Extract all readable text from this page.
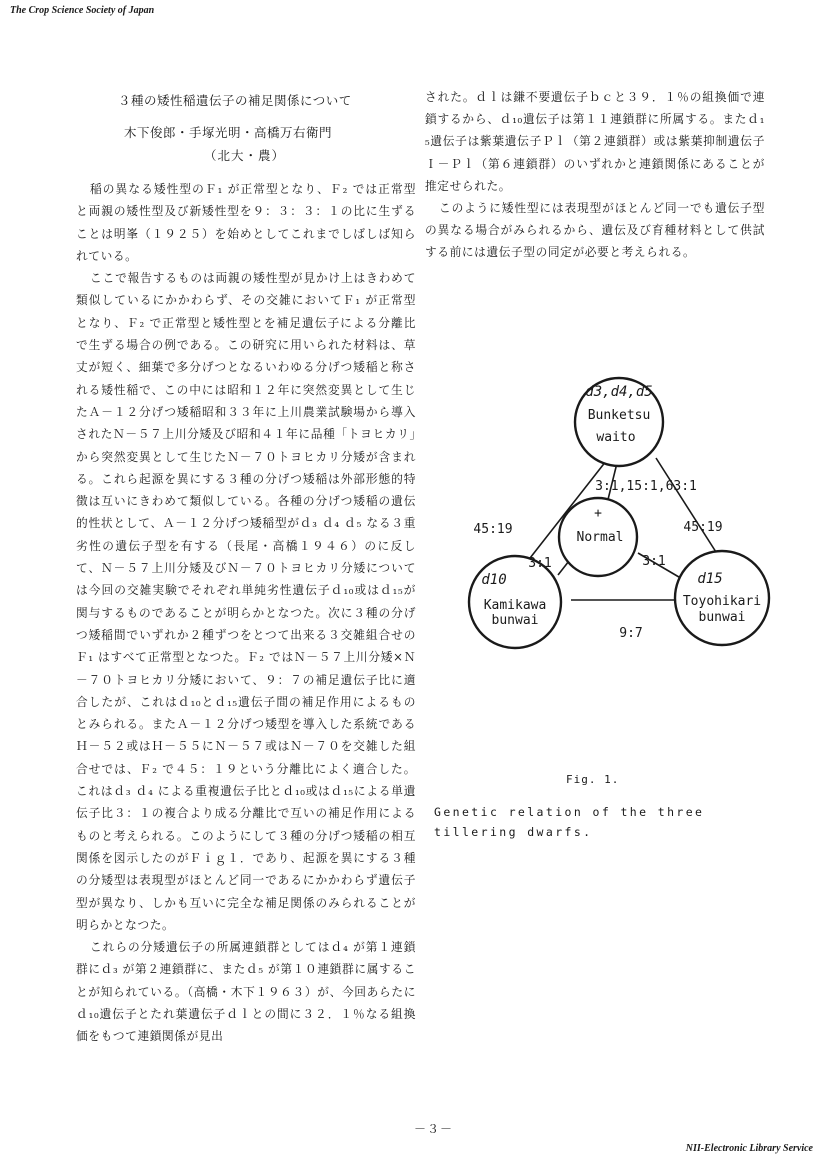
The Crop Science Society of Japan
３種の矮性稲遺伝子の補足関係について
木下俊郎・手塚光明・高橋万右衛門
（北大・農）

稲の異なる矮性型のＦ₁ が正常型となり、Ｆ₂ では正常型と両親の矮性型及び新矮性型を９：３：３：１の比に生ずることは明峯（１９２５）を始めとしてこれまでしばしば知られている。

ここで報告するものは両親の矮性型が見かけ上はきわめて類似しているにかかわらず、その交雑においてＦ₁ が正常型となり、Ｆ₂ で正常型と矮性型とを補足遺伝子による分離比で生ずる場合の例である。この研究に用いられた材料は、草丈が短く、細葉で多分げつとなるいわゆる分げつ矮稲と称される矮性稲で、この中には昭和１２年に突然変異として生じたＡ－１２分げつ矮稲昭和３３年に上川農業試験場から導入されたＮ－５７上川分矮及び昭和４１年に品種「トヨヒカリ」から突然変異として生じたＮ－７０トヨヒカリ分矮が含まれる。これら起源を異にする３種の分げつ矮稲は外部形態的特徴は互いにきわめて類似している。各種の分げつ矮稲の遺伝的性状として、Ａ－１２分げつ矮稲型がｄ₃ ｄ₄ ｄ₅ なる３重劣性の遺伝子型を有する（長尾・高橋１９４６）のに反して、Ｎ－５７上川分矮及びＮ－７０トヨヒカリ分矮については今回の交雑実験でそれぞれ単純劣性遺伝子ｄ₁₀或はｄ₁₅が関与するものであることが明らかとなつた。次に３種の分げつ矮稲間でいずれか２種ずつをとつて出来る３交雑組合せのＦ₁ はすべて正常型となつた。Ｆ₂ ではＮ－５７上川分矮×Ｎ－７０トヨヒカリ分矮において、９：７の補足遺伝子比に適合したが、これはｄ₁₀とｄ₁₅遺伝子間の補足作用によるものとみられる。またＡ－１２分げつ矮型を導入した系統であるＨ－５２或はＨ－５５にＮ－５７或はＮ－７０を交雑した組合せでは、Ｆ₂ で４５：１９という分離比によく適合した。これはｄ₃ ｄ₄ による重複遺伝子比とｄ₁₀或はｄ₁₅による単遺伝子比３：１の複合より成る分離比で互いの補足作用によるものと考えられる。このようにして３種の分げつ矮稲の相互関係を図示したのがＦｉｇ１．であり、起源を異にする３種の分矮型は表現型がほとんど同一であるにかかわらず遺伝子型が異なり、しかも互いに完全な補足関係のみられることが明らかとなつた。

これらの分矮遺伝子の所属連鎖群としてはｄ₄ が第１連鎖群にｄ₃ が第２連鎖群に、またｄ₅ が第１０連鎖群に属することが知られている。（高橋・木下１９６３）が、今回あらたにｄ₁₀遺伝子とたれ葉遺伝子ｄｌとの間に３２．１％なる組換価をもつて連鎖関係が見出

された。ｄｌは鎌不要遺伝子ｂｃと３９．１％の組換価で連鎖するから、ｄ₁₀遺伝子は第１１連鎖群に所属する。またｄ₁₅遺伝子は紫葉遺伝子Ｐｌ（第２連鎖群）或は紫葉抑制遺伝子Ｉ－Ｐｌ（第６連鎖群）のいずれかと連鎖関係にあることが推定せられた。

このように矮性型には表現型がほとんど同一でも遺伝子型の異なる場合がみられるから、遺伝及び育種材料として供試する前には遺伝子型の同定が必要と考えられる。

d3,d4,d5
Bunketsu
waito
+
Normal
d10
Kamikawa
bunwai
d15
Toyohikari
bunwai
3:1,15:1,63:1
3:1	3:1
45:19	45:19
9:7
Fig. 1.
Genetic relation of the three tillering dwarfs.
－３－
NII-Electronic Library Service
